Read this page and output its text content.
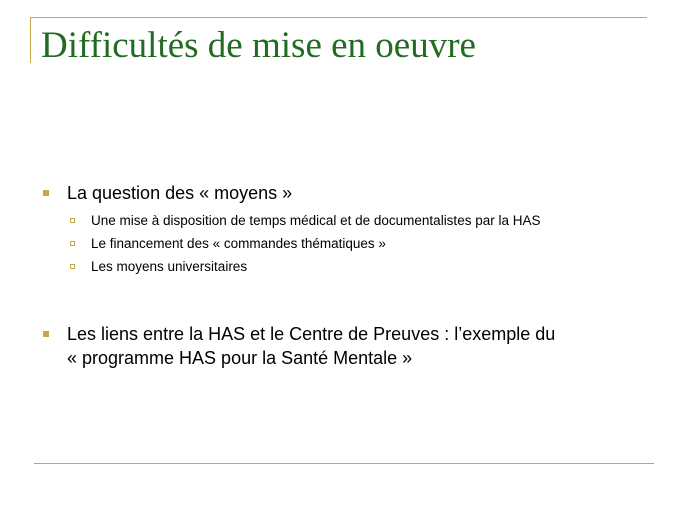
Difficultés de mise en oeuvre
La question des « moyens »
Une mise à disposition de temps médical et de documentalistes par la HAS
Le financement des « commandes thématiques »
Les moyens universitaires
Les liens entre la HAS et le Centre de Preuves : l’exemple du
« programme HAS pour la Santé Mentale »
